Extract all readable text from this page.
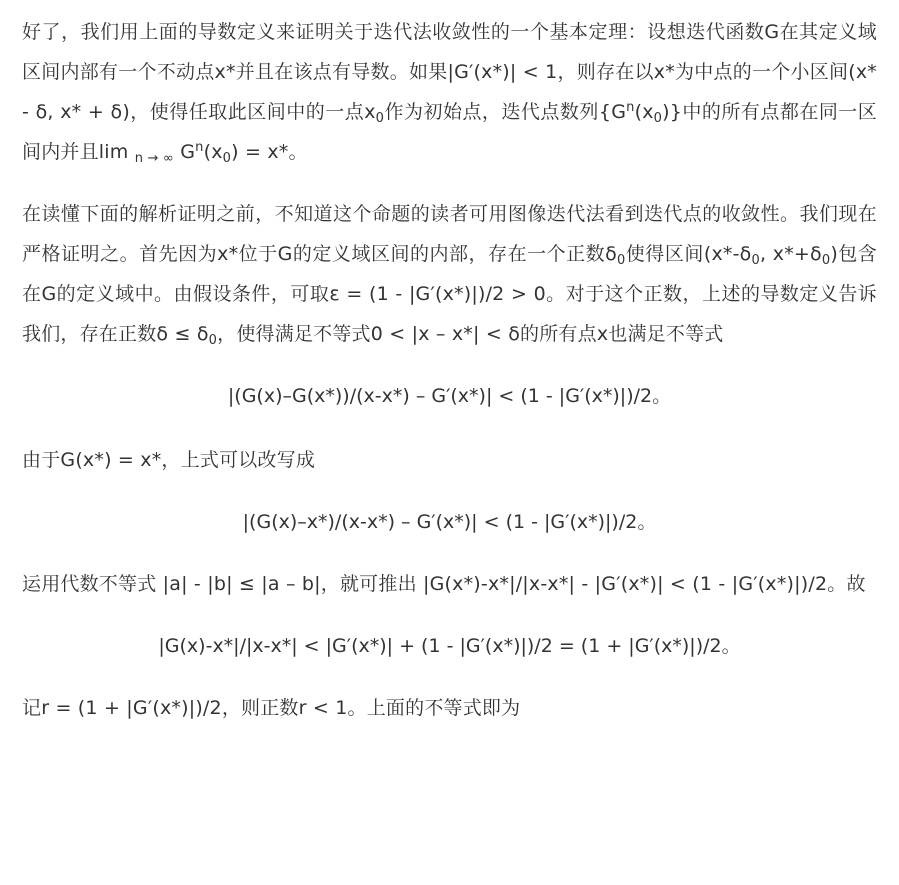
好了，我们用上面的导数定义来证明关于迭代法收敛性的一个基本定理：设想迭代函数G在其定义域区间内部有一个不动点x*并且在该点有导数。如果|G′(x*)| < 1，则存在以x*为中点的一个小区间(x* - δ, x* + δ)，使得任取此区间中的一点$x_0$作为初始点，迭代点数列$\{G^n(x_0)\}$中的所有点都在同一区间内并且lim $_{n \to \infty}$ $G^n(x_0) = x*$。

在读懂下面的解析证明之前，不知道这个命题的读者可用图像迭代法看到迭代点的收敛性。我们现在严格证明之。首先因为x*位于G的定义域区间的内部，存在一个正数$\delta_0$使得区间($x*-\delta_0$, $x*+\delta_0$)包含在G的定义域中。由假设条件，可取ε = (1 - |G′(x*)|)/2 > 0。对于这个正数，上述的导数定义告诉我们，存在正数$\delta \le \delta_0$，使得满足不等式0 < |x – x*| < δ的所有点x也满足不等式

|(G(x)–G(x*))/(x-x*) – G′(x*)| < (1 - |G′(x*)|)/2。

由于G(x*) = x*，上式可以改写成

|(G(x)–x*)/(x-x*) – G′(x*)| < (1 - |G′(x*)|)/2。

运用代数不等式 |a| - |b| ≤ |a – b|，就可推出 |G(x*)-x*|/|x-x*| - |G′(x*)| < (1 - |G′(x*)|)/2。故

|G(x)-x*|/|x-x*| < |G′(x*)| + (1 - |G′(x*)|)/2 = (1 + |G′(x*)|)/2。

记r = (1 + |G′(x*)|)/2，则正数r < 1。上面的不等式即为
